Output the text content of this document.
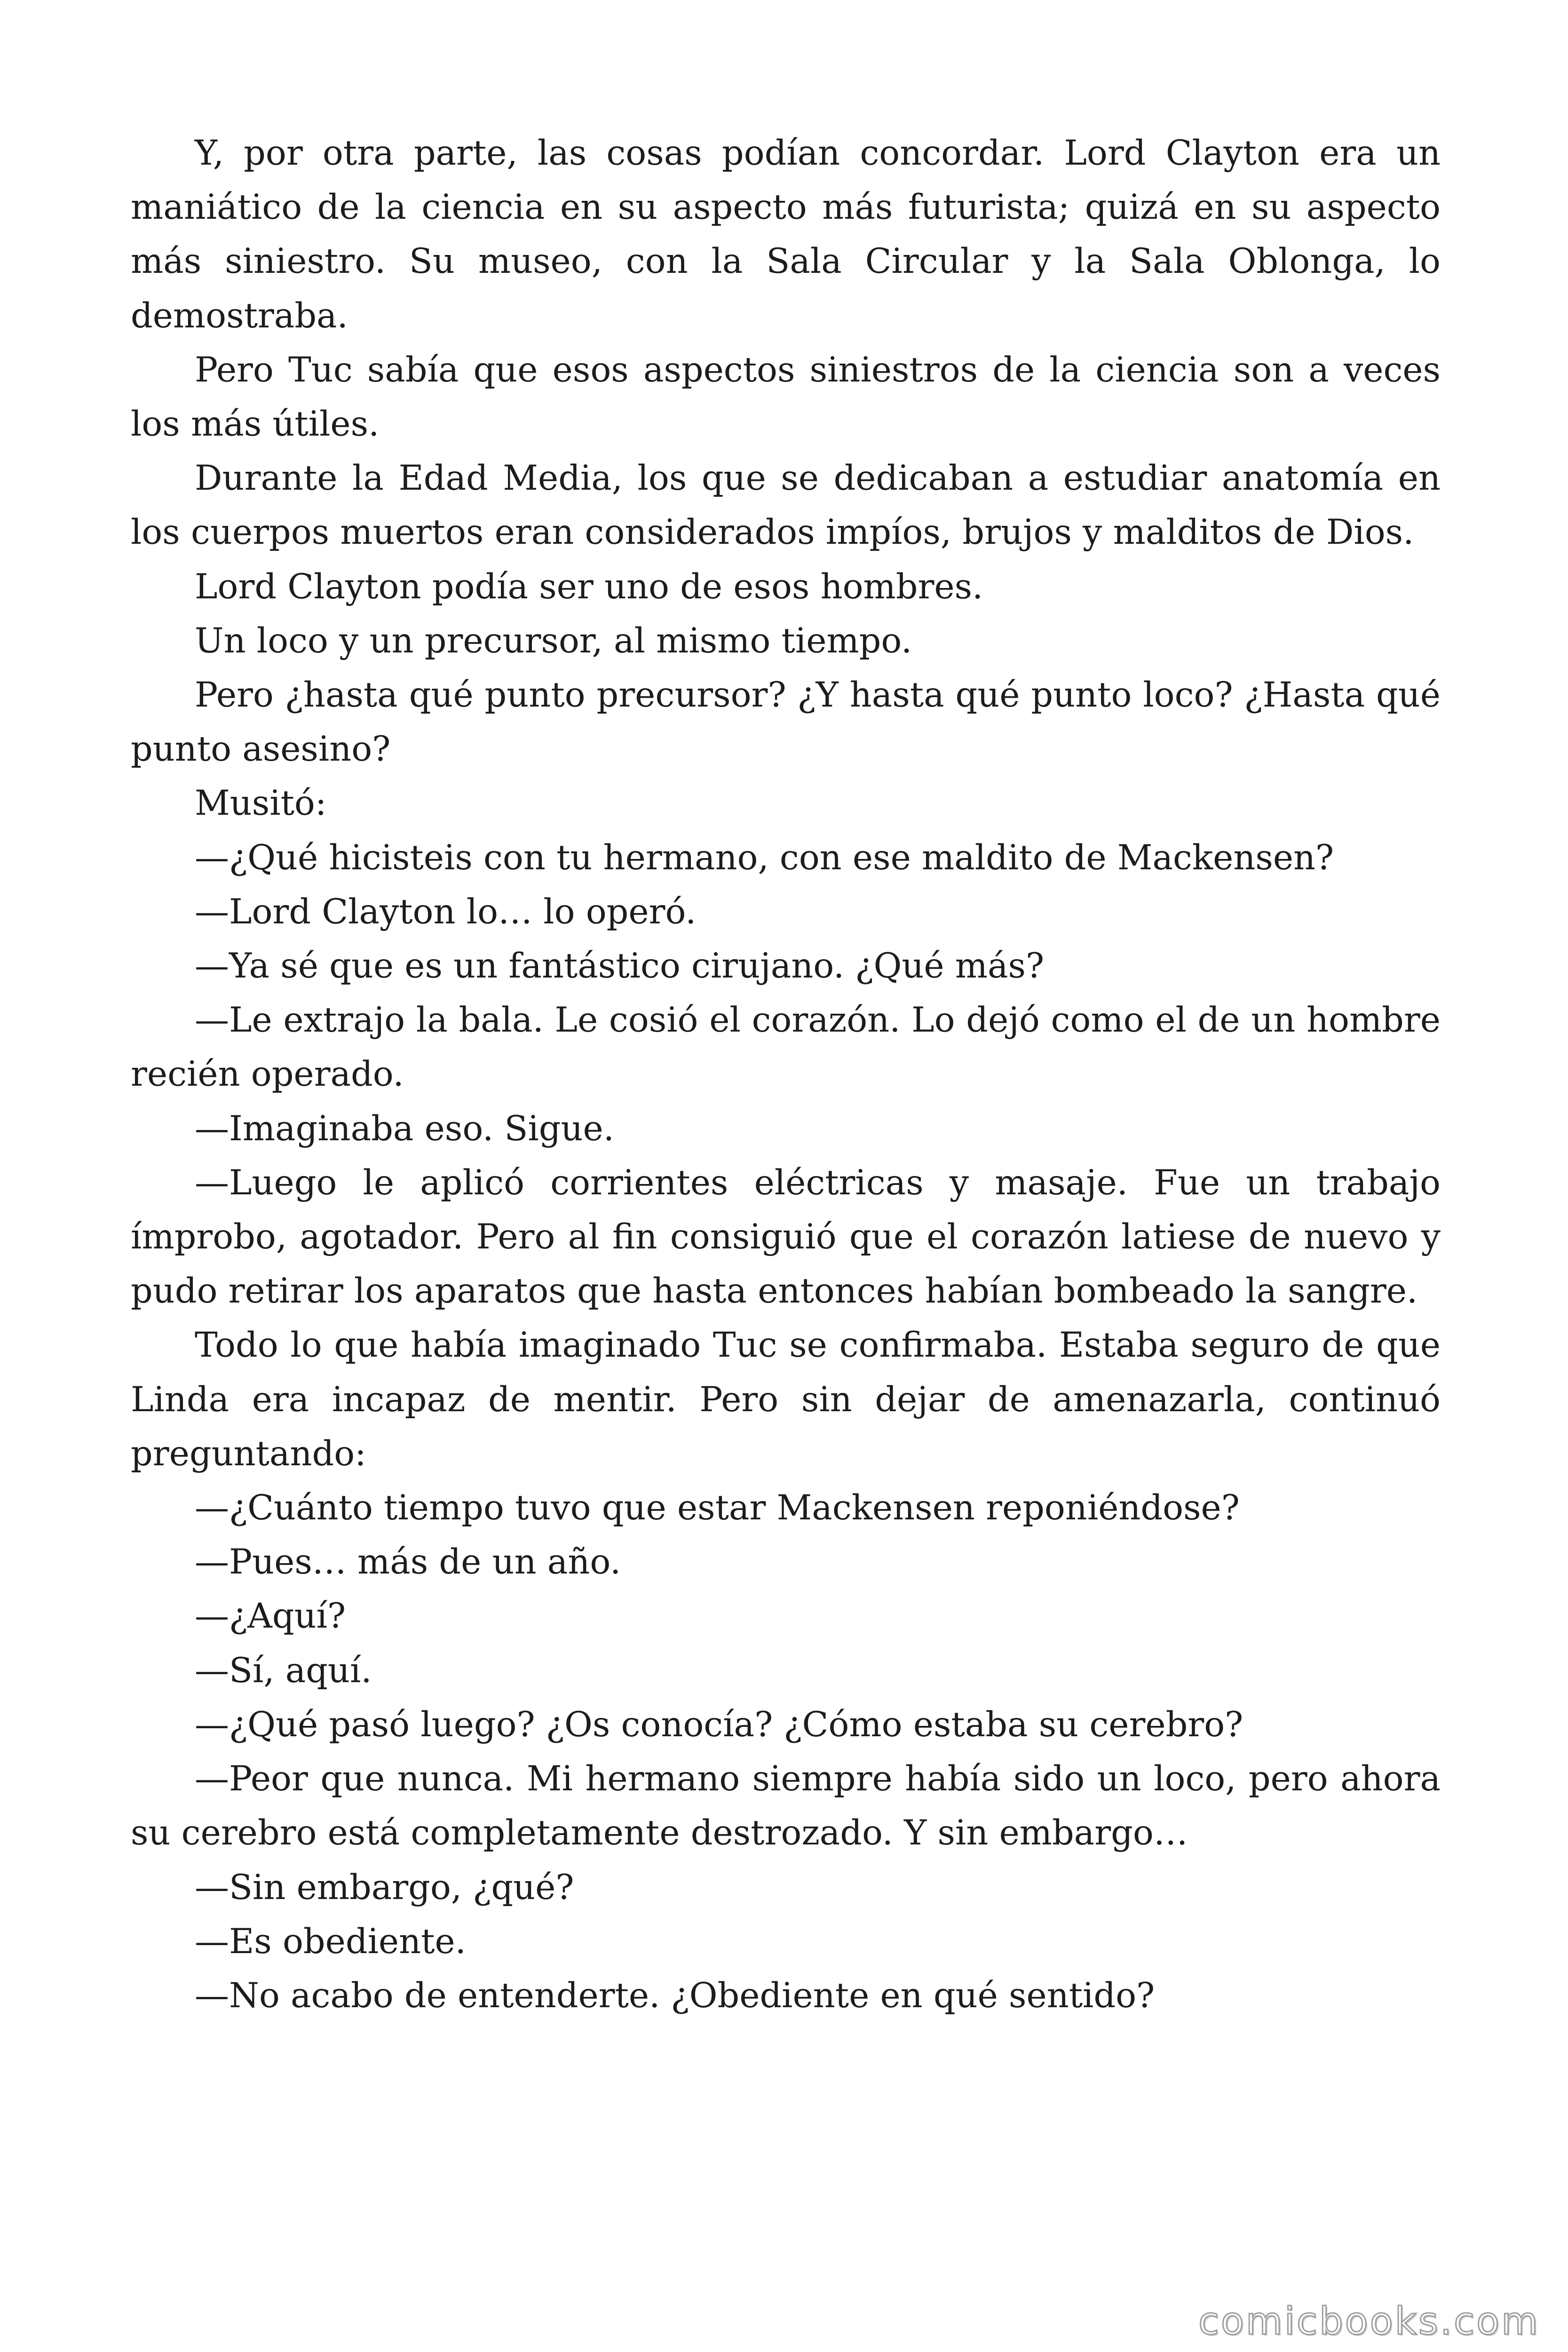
Y, por otra parte, las cosas podían concordar. Lord Clayton era un maniático de la ciencia en su aspecto más futurista; quizá en su aspecto más siniestro. Su museo, con la Sala Circular y la Sala Oblonga, lo demostraba.

Pero Tuc sabía que esos aspectos siniestros de la ciencia son a veces los más útiles.

Durante la Edad Media, los que se dedicaban a estudiar anatomía en los cuerpos muertos eran considerados impíos, brujos y malditos de Dios.

Lord Clayton podía ser uno de esos hombres.

Un loco y un precursor, al mismo tiempo.

Pero ¿hasta qué punto precursor? ¿Y hasta qué punto loco? ¿Hasta qué punto asesino?

Musitó:

—¿Qué hicisteis con tu hermano, con ese maldito de Mackensen?

—Lord Clayton lo… lo operó.

—Ya sé que es un fantástico cirujano. ¿Qué más?

—Le extrajo la bala. Le cosió el corazón. Lo dejó como el de un hombre recién operado.

—Imaginaba eso. Sigue.

—Luego le aplicó corrientes eléctricas y masaje. Fue un trabajo ímprobo, agotador. Pero al fin consiguió que el corazón latiese de nuevo y pudo retirar los aparatos que hasta entonces habían bombeado la sangre.

Todo lo que había imaginado Tuc se confirmaba. Estaba seguro de que Linda era incapaz de mentir. Pero sin dejar de amenazarla, continuó preguntando:

—¿Cuánto tiempo tuvo que estar Mackensen reponiéndose?

—Pues… más de un año.

—¿Aquí?

—Sí, aquí.

—¿Qué pasó luego? ¿Os conocía? ¿Cómo estaba su cerebro?

—Peor que nunca. Mi hermano siempre había sido un loco, pero ahora su cerebro está completamente destrozado. Y sin embargo…

—Sin embargo, ¿qué?

—Es obediente.

—No acabo de entenderte. ¿Obediente en qué sentido?

comicbooks.com
